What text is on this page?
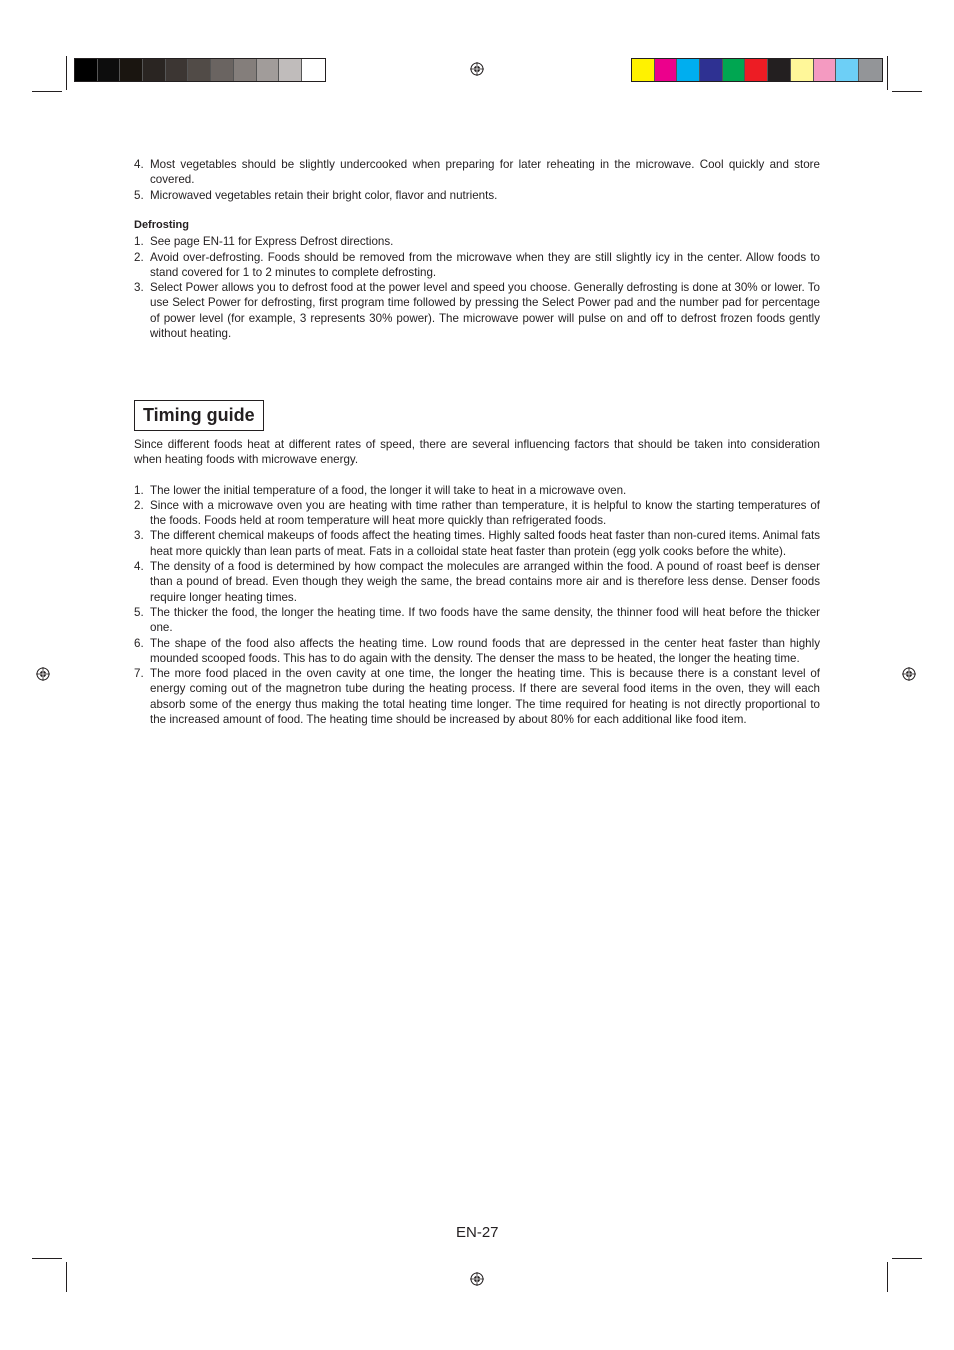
4. Most vegetables should be slightly undercooked when preparing for later reheating in the microwave. Cool quickly and store covered.
5. Microwaved vegetables retain their bright color, flavor and nutrients.

Defrosting

1. See page EN-11 for Express Defrost directions.
2. Avoid over-defrosting. Foods should be removed from the microwave when they are still slightly icy in the center. Allow foods to stand covered for 1 to 2 minutes to complete defrosting.
3. Select Power allows you to defrost food at the power level and speed you choose. Generally defrosting is done at 30% or lower. To use Select Power for defrosting, first program time followed by pressing the Select Power pad and the number pad for percentage of power level (for example, 3 represents 30% power). The microwave power will pulse on and off to defrost frozen foods gently without heating.
Timing guide

Since different foods heat at different rates of speed, there are several influencing factors that should be taken into consideration when heating foods with microwave energy.

1. The lower the initial temperature of a food, the longer it will take to heat in a microwave oven.
2. Since with a microwave oven you are heating with time rather than temperature, it is helpful to know the starting temperatures of the foods. Foods held at room temperature will heat more quickly than refrigerated foods.
3. The different chemical makeups of foods affect the heating times. Highly salted foods heat faster than non-cured items. Animal fats heat more quickly than lean parts of meat. Fats in a colloidal state heat faster than protein (egg yolk cooks before the white).
4. The density of a food is determined by how compact the molecules are arranged within the food. A pound of roast beef is denser than a pound of bread. Even though they weigh the same, the bread contains more air and is therefore less dense. Denser foods require longer heating times.
5. The thicker the food, the longer the heating time. If two foods have the same density, the thinner food will heat before the thicker one.
6. The shape of the food also affects the heating time. Low round foods that are depressed in the center heat faster than highly mounded scooped foods. This has to do again with the density. The denser the mass to be heated, the longer the heating time.
7. The more food placed in the oven cavity at one time, the longer the heating time. This is because there is a constant level of energy coming out of the magnetron tube during the heating process. If there are several food items in the oven, they will each absorb some of the energy thus making the total heating time longer. The time required for heating is not directly proportional to the increased amount of food. The heating time should be increased by about 80% for each additional like food item.
EN-27
